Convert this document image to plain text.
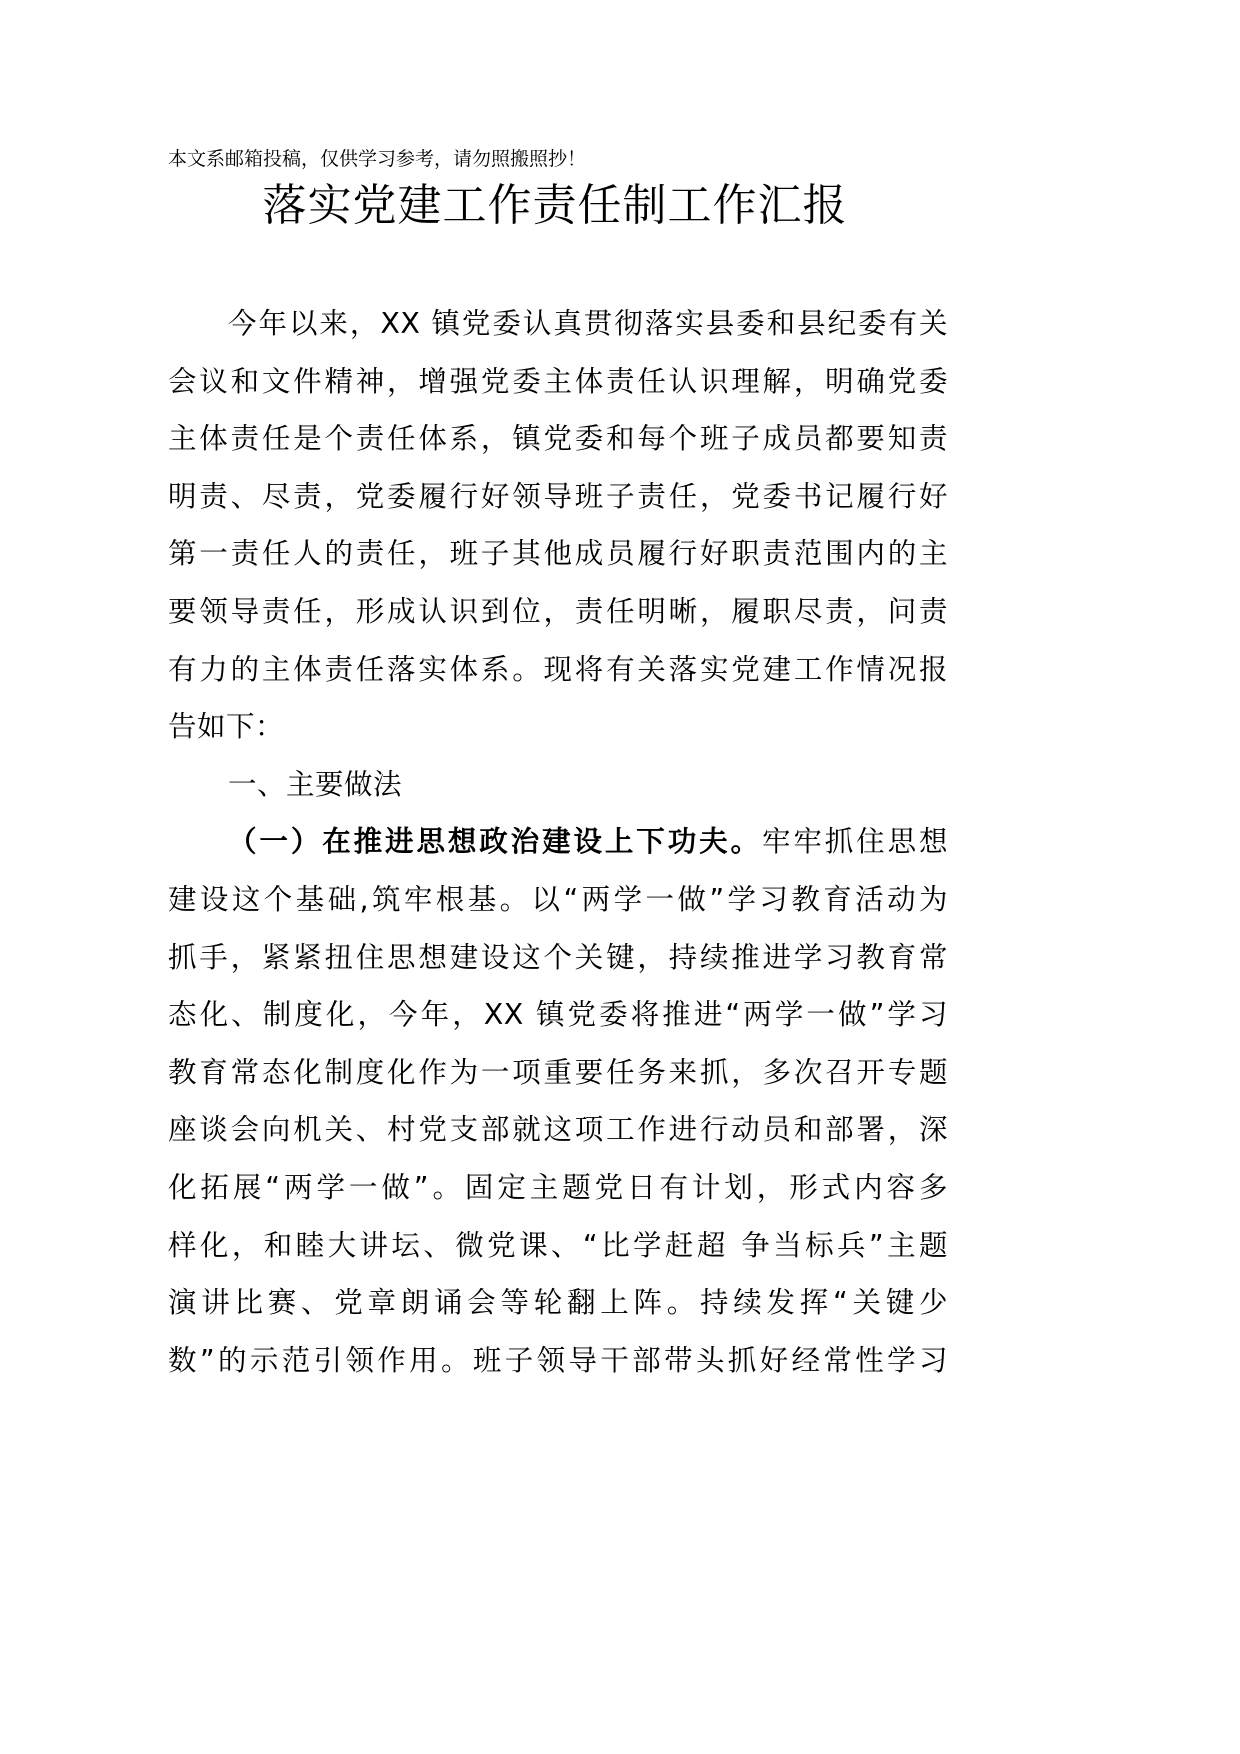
本文系邮箱投稿，仅供学习参考，请勿照搬照抄！
落实党建工作责任制工作汇报
今年以来，XX 镇党委认真贯彻落实县委和县纪委有关
会议和文件精神，增强党委主体责任认识理解，明确党委
主体责任是个责任体系，镇党委和每个班子成员都要知责
明责、尽责，党委履行好领导班子责任，党委书记履行好
第一责任人的责任，班子其他成员履行好职责范围内的主
要领导责任，形成认识到位，责任明晰，履职尽责，问责
有力的主体责任落实体系。现将有关落实党建工作情况报
告如下：
一、主要做法
（一）在推进思想政治建设上下功夫。牢牢抓住思想
建设这个基础,筑牢根基。以“两学一做”学习教育活动为
抓手，紧紧扭住思想建设这个关键，持续推进学习教育常
态化、制度化，今年，XX 镇党委将推进“两学一做”学习
教育常态化制度化作为一项重要任务来抓，多次召开专题
座谈会向机关、村党支部就这项工作进行动员和部署，深
化拓展“两学一做”。固定主题党日有计划，形式内容多
样化，和睦大讲坛、微党课、“比学赶超 争当标兵”主题
演讲比赛、党章朗诵会等轮翻上阵。持续发挥“关键少
数”的示范引领作用。班子领导干部带头抓好经常性学习
